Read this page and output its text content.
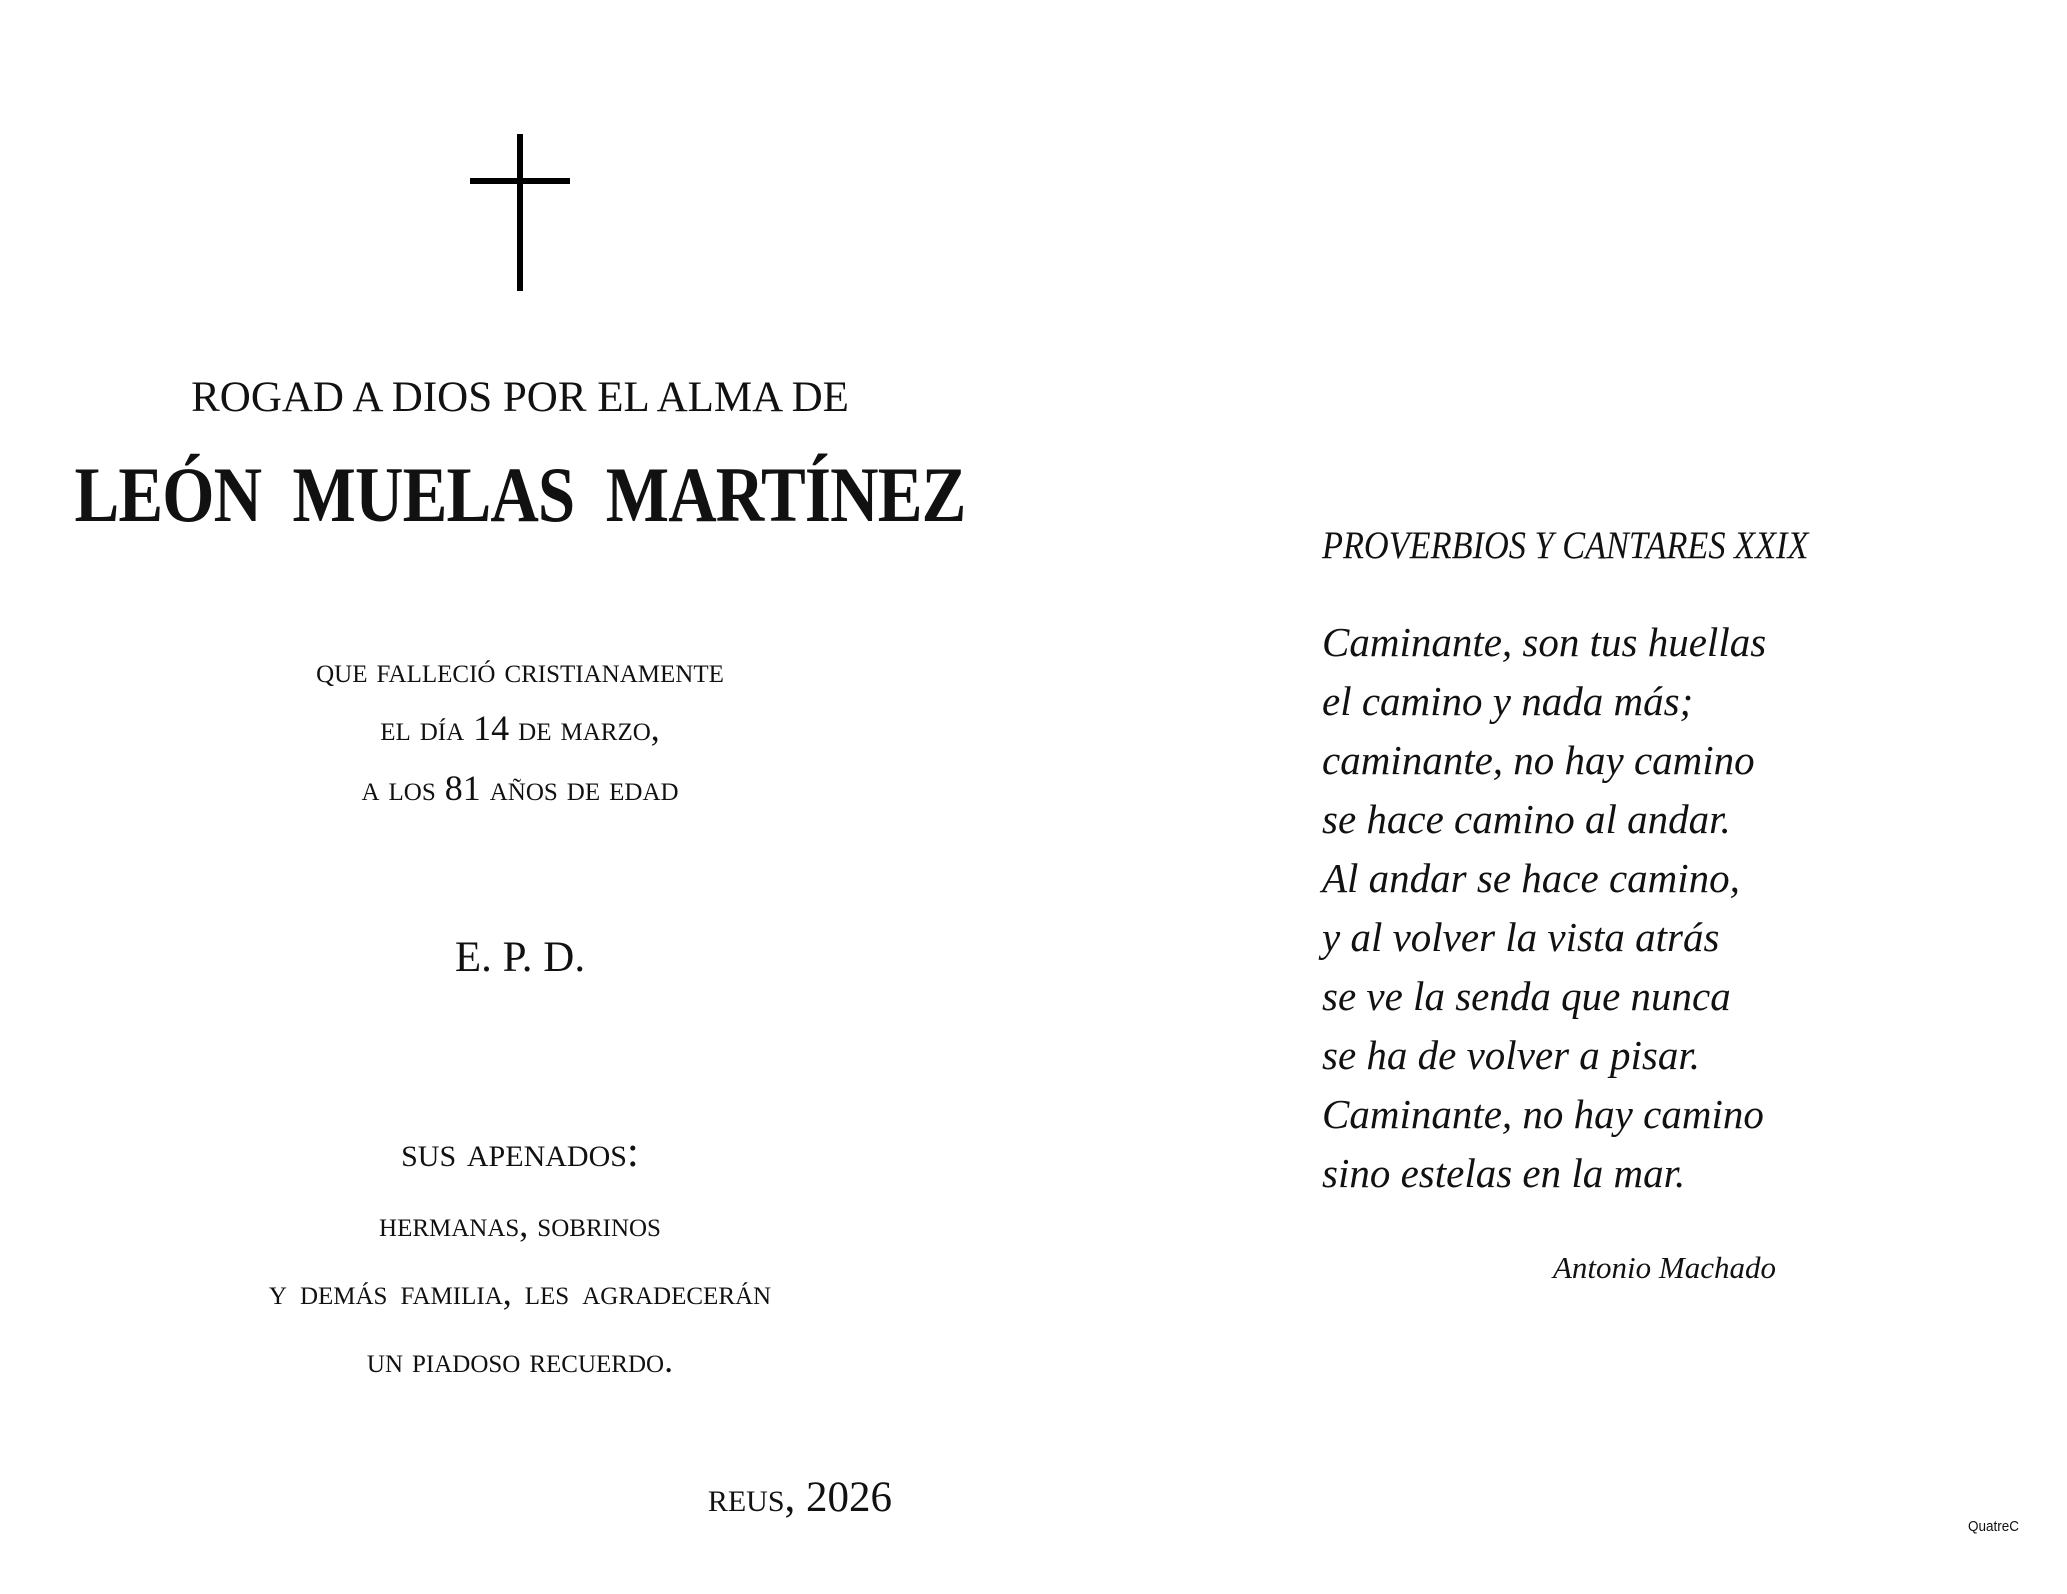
ROGAD A DIOS POR EL ALMA DE
LEÓN MUELAS MARTÍNEZ
que falleció cristianamente
el día 14 de marzo,
a los 81 años de edad
E. P. D.
sus apenados:
hermanas, sobrinos
y demás familia, les agradecerán
un piadoso recuerdo.
reus, 2026
PROVERBIOS Y CANTARES XXIX
Caminante, son tus huellas
el camino y nada más;
caminante, no hay camino
se hace camino al andar.
Al andar se hace camino,
y al volver la vista atrás
se ve la senda que nunca
se ha de volver a pisar.
Caminante, no hay camino
sino estelas en la mar.
Antonio Machado
QuatreC
